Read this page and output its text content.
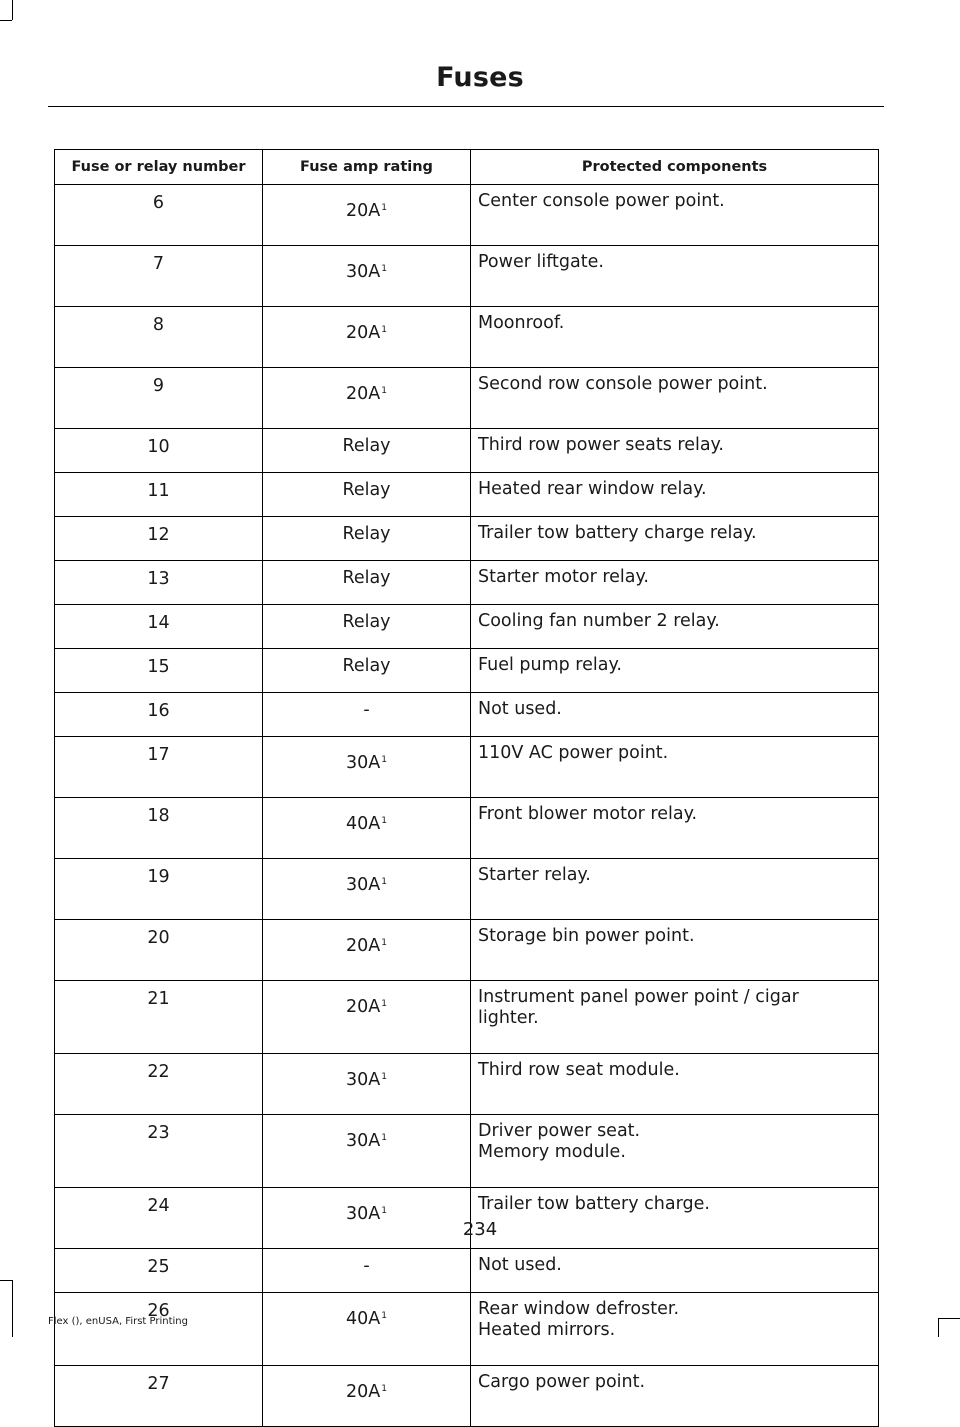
Fuses
Fuse or relay number	Fuse amp rating	Protected components
6	$20A^1$	Center console power point.

7	$30A^1$	Power liftgate.

8	$20A^1$	Moonroof.

9	$20A^1$	Second row console power point.

10	Relay	Third row power seats relay.

11	Relay	Heated rear window relay.

12	Relay	Trailer tow battery charge relay.

13	Relay	Starter motor relay.

14	Relay	Cooling fan number 2 relay.

15	Relay	Fuel pump relay.

16	-	Not used.

17	$30A^1$	110V AC power point.

18	$40A^1$	Front blower motor relay.

19	$30A^1$	Starter relay.

20	$20A^1$	Storage bin power point.

21	$20A^1$	Instrument panel power point / cigar
lighter.

22	$30A^1$	Third row seat module.

23	$30A^1$	Driver power seat.
Memory module.

24	$30A^1$	Trailer tow battery charge.

25	-	Not used.

26	$40A^1$	Rear window defroster.
Heated mirrors.

27	$20A^1$	Cargo power point.
234
Flex (), enUSA, First Printing
